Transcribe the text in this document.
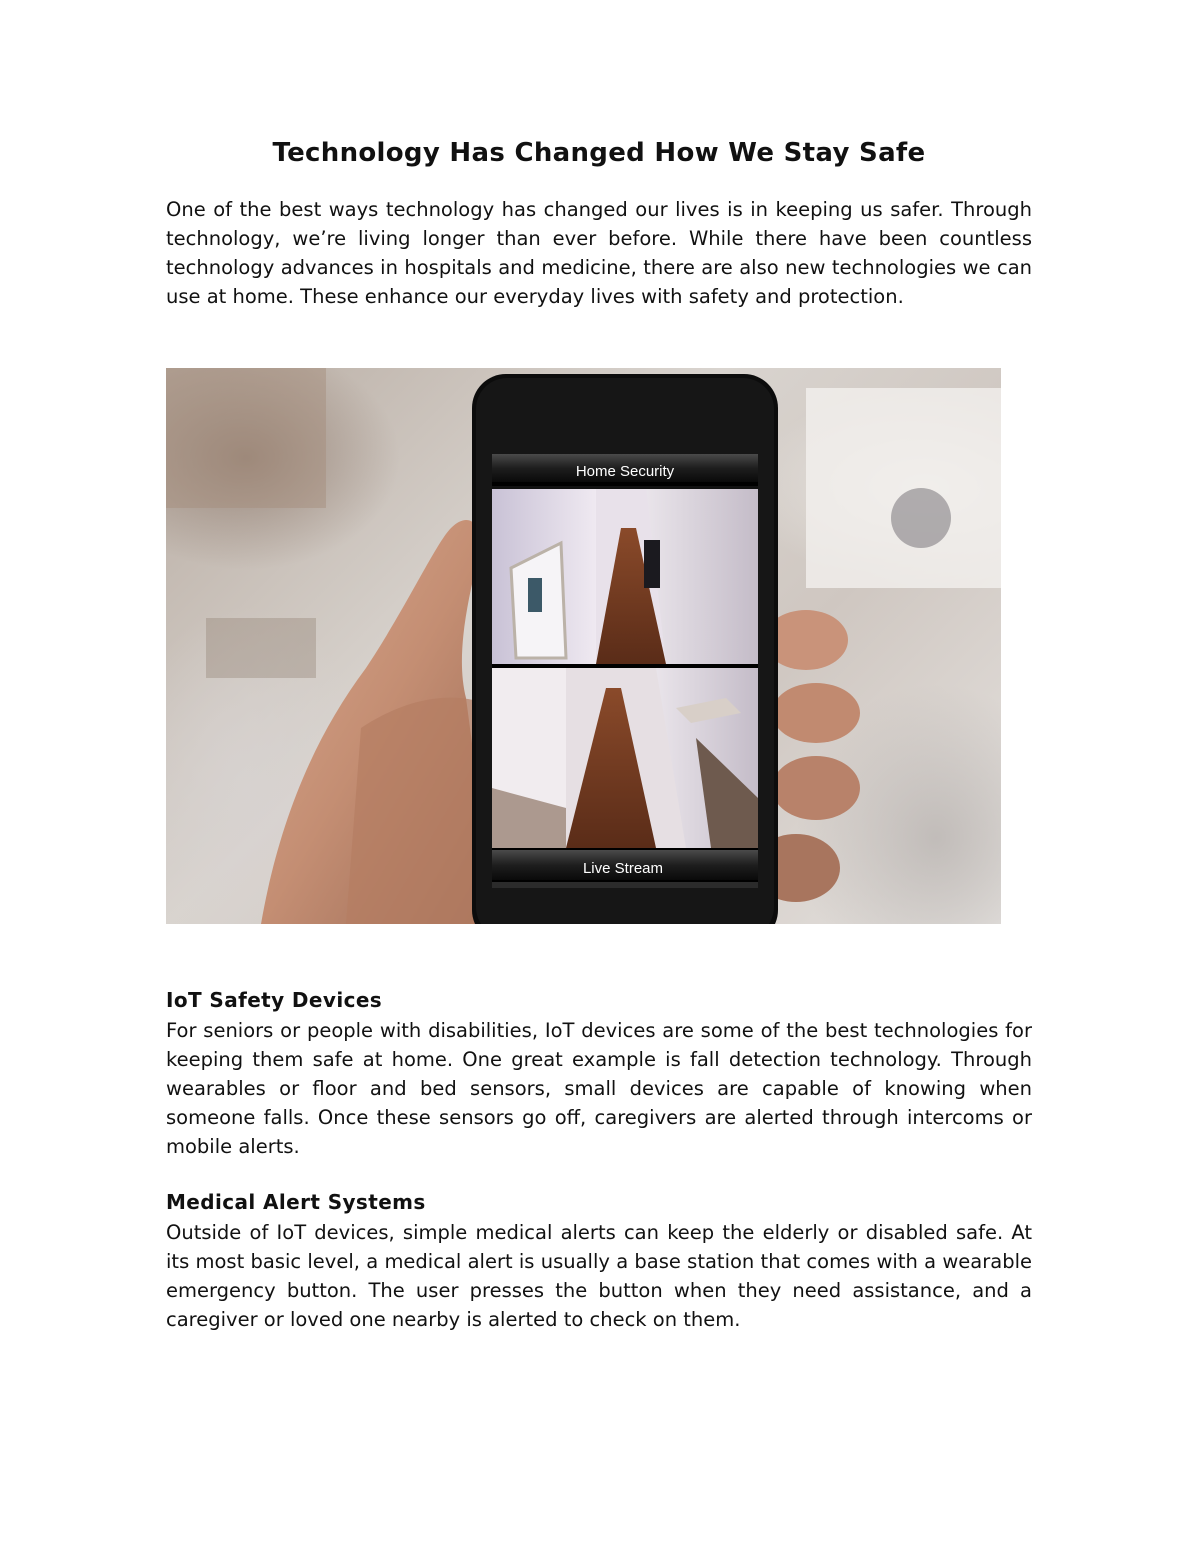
Technology Has Changed How We Stay Safe

One of the best ways technology has changed our lives is in keeping us safer. Through technology, we’re living longer than ever before. While there have been countless technology advances in hospitals and medicine, there are also new technologies we can use at home. These enhance our everyday lives with safety and protection.

Home Security
Live Stream
IoT Safety Devices

For seniors or people with disabilities, IoT devices are some of the best technologies for keeping them safe at home. One great example is fall detection technology. Through wearables or floor and bed sensors, small devices are capable of knowing when someone falls. Once these sensors go off, caregivers are alerted through intercoms or mobile alerts.

Medical Alert Systems

Outside of IoT devices, simple medical alerts can keep the elderly or disabled safe. At its most basic level, a medical alert is usually a base station that comes with a wearable emergency button. The user presses the button when they need assistance, and a caregiver or loved one nearby is alerted to check on them.
